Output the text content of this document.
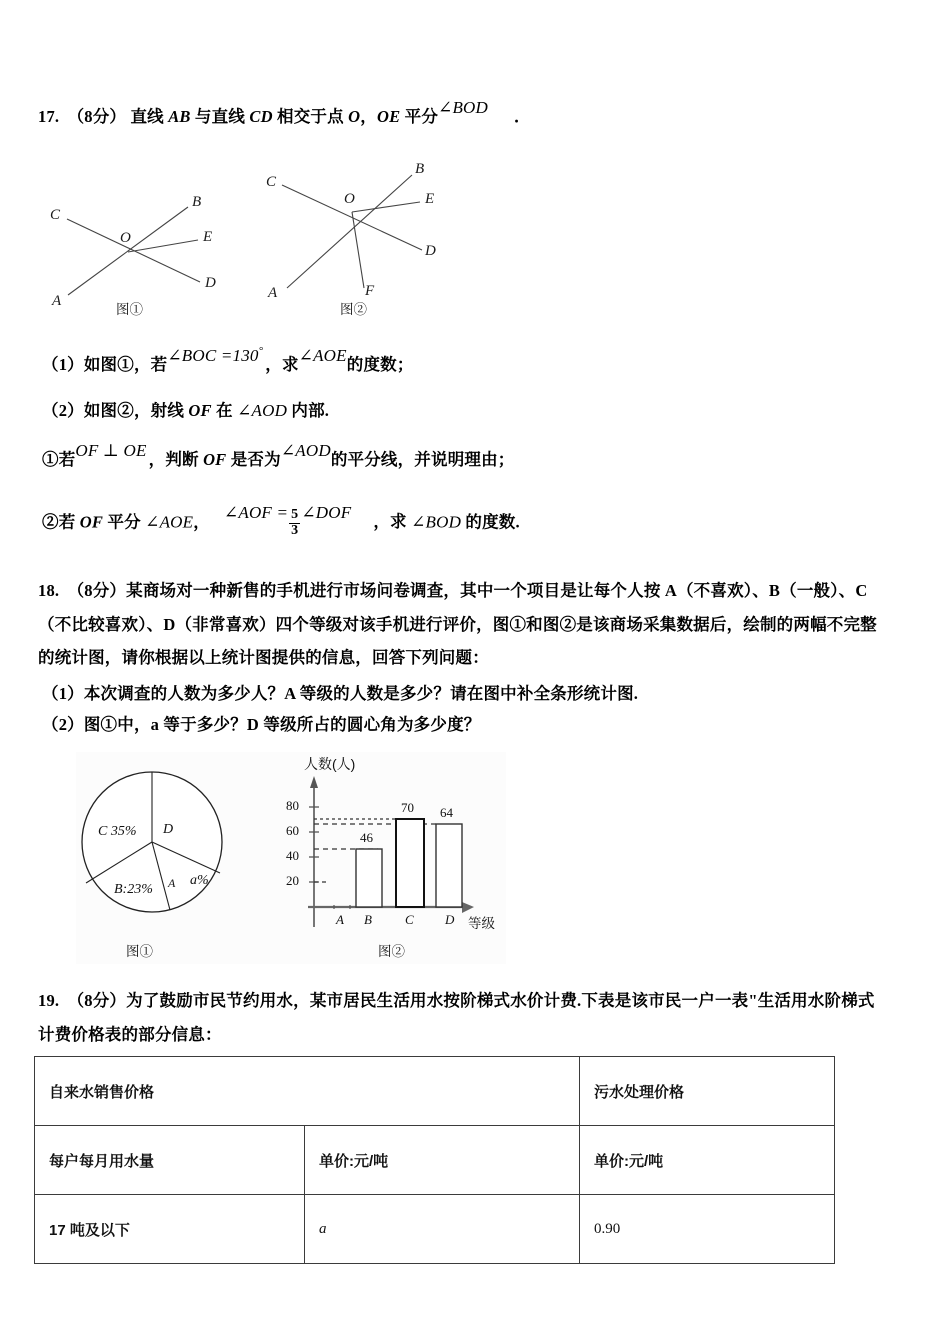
17. （8分） 直线 AB 与直线 CD 相交于点 O，OE 平分∠BOD ．
C
B
O	E
D
A
图①
C
B
O	E
D
A	F
图②
（1）如图①，若∠BOC =130°，求∠AOE的度数；
（2）如图②，射线 OF 在 ∠AOD 内部.
①若OF ⊥ OE ，判断 OF 是否为∠AOD的平分线，并说明理由；
②若 OF 平分 ∠AOE， ∠AOF = $\frac{5}{3}$ ∠DOF ，求 ∠BOD 的度数.
18. （8分）某商场对一种新售的手机进行市场问卷调查，其中一个项目是让每个人按 A（不喜欢）、B（一般）、C
（不比较喜欢）、D（非常喜欢）四个等级对该手机进行评价，图①和图②是该商场采集数据后，绘制的两幅不完整
的统计图，请你根据以上统计图提供的信息，回答下列问题：
（1）本次调查的人数为多少人？A 等级的人数是多少？请在图中补全条形统计图.
（2）图①中，a 等于多少？D 等级所占的圆心角为多少度？
C 35% D
B:23% A a%
图①
人数(人)
80
60
40
20
46
70 64
A B	C D 等级
图②
19. （8分）为了鼓励市民节约用水，某市居民生活用水按阶梯式水价计费.下表是该市民一户一表"生活用水阶梯式
计费价格表的部分信息：
自来水销售价格		污水处理价格
每户每月用水量	单价:元/吨	单价:元/吨
17 吨及以下	a	0.90
